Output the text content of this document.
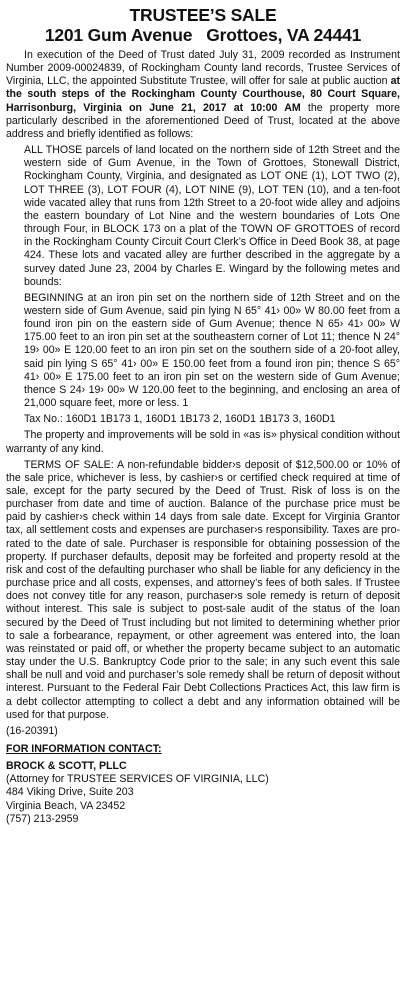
TRUSTEE’S SALE
1201 Gum Avenue Grottoes, VA 24441

In execution of the Deed of Trust dated July 31, 2009 recorded as Instrument Number 2009-00024839, of Rockingham County land records, Trustee Services of Virginia, LLC, the appointed Substitute Trustee, will offer for sale at public auction at the south steps of the Rockingham County Courthouse, 80 Court Square, Harrisonburg, Virginia on June 21, 2017 at 10:00 AM the property more particularly described in the aforementioned Deed of Trust, located at the above address and briefly identified as follows:

ALL THOSE parcels of land located on the northern side of 12th Street and the western side of Gum Avenue, in the Town of Grottoes, Stonewall District, Rockingham County, Virginia, and designated as LOT ONE (1), LOT TWO (2), LOT THREE (3), LOT FOUR (4), LOT NINE (9), LOT TEN (10), and a ten-foot wide vacated alley that runs from 12th Street to a 20-foot wide alley and adjoins the eastern boundary of Lot Nine and the western boundaries of Lots One through Four, in BLOCK 173 on a plat of the TOWN OF GROTTOES of record in the Rockingham County Circuit Court Clerk’s Office in Deed Book 38, at page 424. These lots and vacated alley are further described in the aggregate by a survey dated June 23, 2004 by Charles E. Wingard by the following metes and bounds:

BEGINNING at an iron pin set on the northern side of 12th Street and on the western side of Gum Avenue, said pin lying N 65° 41› 00» W 80.00 feet from a found iron pin on the eastern side of Gum Avenue; thence N 65› 41› 00» W 175.00 feet to an iron pin set at the southeastern corner of Lot 11; thence N 24° 19› 00» E 120.00 feet to an iron pin set on the southern side of a 20-foot alley, said pin lying S 65° 41› 00» E 150.00 feet from a found iron pin; thence S 65° 41› 00» E 175.00 feet to an iron pin set on the western side of Gum Avenue; thence S 24› 19› 00» W 120.00 feet to the beginning, and enclosing an area of 21,000 square feet, more or less. 1

Tax No.: 160D1 1B173 1, 160D1 1B173 2, 160D1 1B173 3, 160D1

The property and improvements will be sold in «as is» physical condition without warranty of any kind.

TERMS OF SALE: A non-refundable bidder›s deposit of $12,500.00 or 10% of the sale price, whichever is less, by cashier›s or certified check required at time of sale, except for the party secured by the Deed of Trust. Risk of loss is on the purchaser from date and time of auction. Balance of the purchase price must be paid by cashier›s check within 14 days from sale date. Except for Virginia Grantor tax, all settlement costs and expenses are purchaser›s responsibility. Taxes are pro-rated to the date of sale. Purchaser is responsible for obtaining possession of the property. If purchaser defaults, deposit may be forfeited and property resold at the risk and cost of the defaulting purchaser who shall be liable for any deficiency in the purchase price and all costs, expenses, and attorney’s fees of both sales. If Trustee does not convey title for any reason, purchaser›s sole remedy is return of deposit without interest. This sale is subject to post-sale audit of the status of the loan secured by the Deed of Trust including but not limited to determining whether prior to sale a forbearance, repayment, or other agreement was entered into, the loan was reinstated or paid off, or whether the property became subject to an automatic stay under the U.S. Bankruptcy Code prior to the sale; in any such event this sale shall be null and void and purchaser’s sole remedy shall be return of deposit without interest. Pursuant to the Federal Fair Debt Collections Practices Act, this law firm is a debt collector attempting to collect a debt and any information obtained will be used for that purpose.

(16-20391)

FOR INFORMATION CONTACT:
BROCK & SCOTT, PLLC
(Attorney for TRUSTEE SERVICES OF VIRGINIA, LLC)
484 Viking Drive, Suite 203
Virginia Beach, VA 23452
(757) 213-2959
